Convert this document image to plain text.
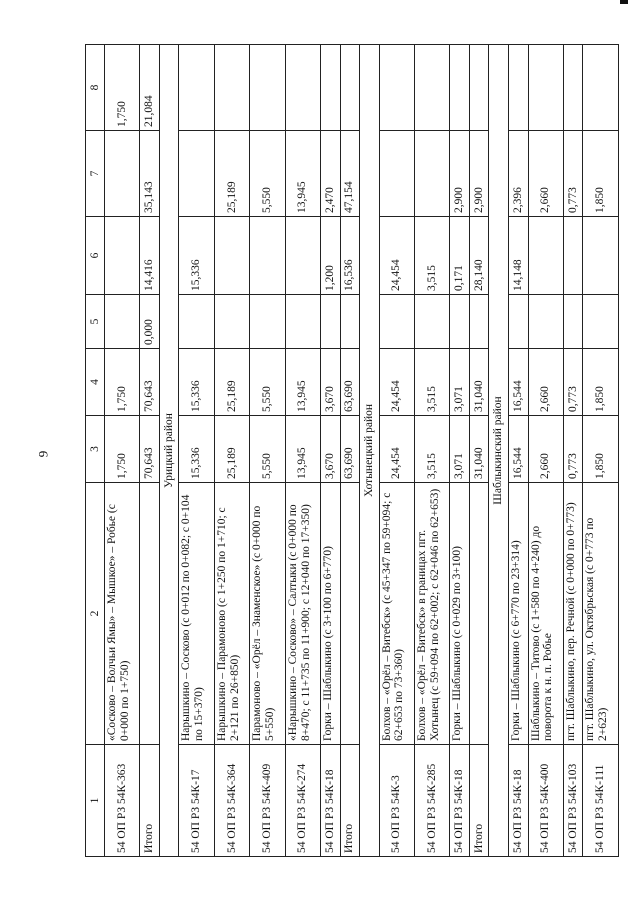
9
1	2	3	4	5	6	7	8
54 ОП РЗ 54К-363	«Сосково – Волчьи Ямы» – Мышкое» – Робье (с 0+000 по 1+750)	1,750	1,750				1,750
Итого		70,643	70,643	0,000	14,416	35,143	21,084
Урицкий район							
54 ОП РЗ 54К-17	Нарышкино – Сосково (с 0+012 по 0+082; с 0+104 по 15+370)	15,336	15,336		15,336		
54 ОП РЗ 54К-364	Нарышкино – Парамоново (с 1+250 по 1+710; с 2+121 по 26+850)	25,189	25,189			25,189	
54 ОП РЗ 54К-409	Парамоново – «Орёл – Знаменское» (с 0+000 по 5+550)	5,550	5,550			5,550	
54 ОП РЗ 54К-274	«Нарышкино – Сосково» – Салтыки (с 0+000 по 8+470; с 11+735 по 11+900; с 12+040 по 17+350)	13,945	13,945			13,945	
54 ОП РЗ 54К-18	Горки – Шаблыкино (с 3+100 по 6+770)	3,670	3,670		1,200	2,470	
Итого		63,690	63,690		16,536	47,154	
Хотынецкий район							
54 ОП РЗ 54К-3	Болхов – «Орёл – Витебск» (с 45+347 по 59+094; с 62+653 по 73+360)	24,454	24,454		24,454		
54 ОП РЗ 54К-285	Болхов – «Орёл – Витебск» в границах пгт. Хотынец (с 59+094 по 62+002; с 62+046 по 62+653)	3,515	3,515		3,515		
54 ОП РЗ 54К-18	Горки – Шаблыкино (с 0+029 по 3+100)	3,071	3,071		0,171	2,900	
Итого		31,040	31,040		28,140	2,900	
Шаблыкинский район							
54 ОП РЗ 54К-18	Горки – Шаблыкино (с 6+770 по 23+314)	16,544	16,544		14,148	2,396	
54 ОП РЗ 54К-400	Шаблыкино – Титово (с 1+580 по 4+240) до поворота к н. п. Робье	2,660	2,660			2,660	
54 ОП РЗ 54К-103	пгт. Шаблыкино, пер. Речной (с 0+000 по 0+773)	0,773	0,773			0,773	
54 ОП РЗ 54К-111	пгт. Шаблыкино, ул. Октябрьская (с 0+773 по 2+623)	1,850	1,850			1,850	
